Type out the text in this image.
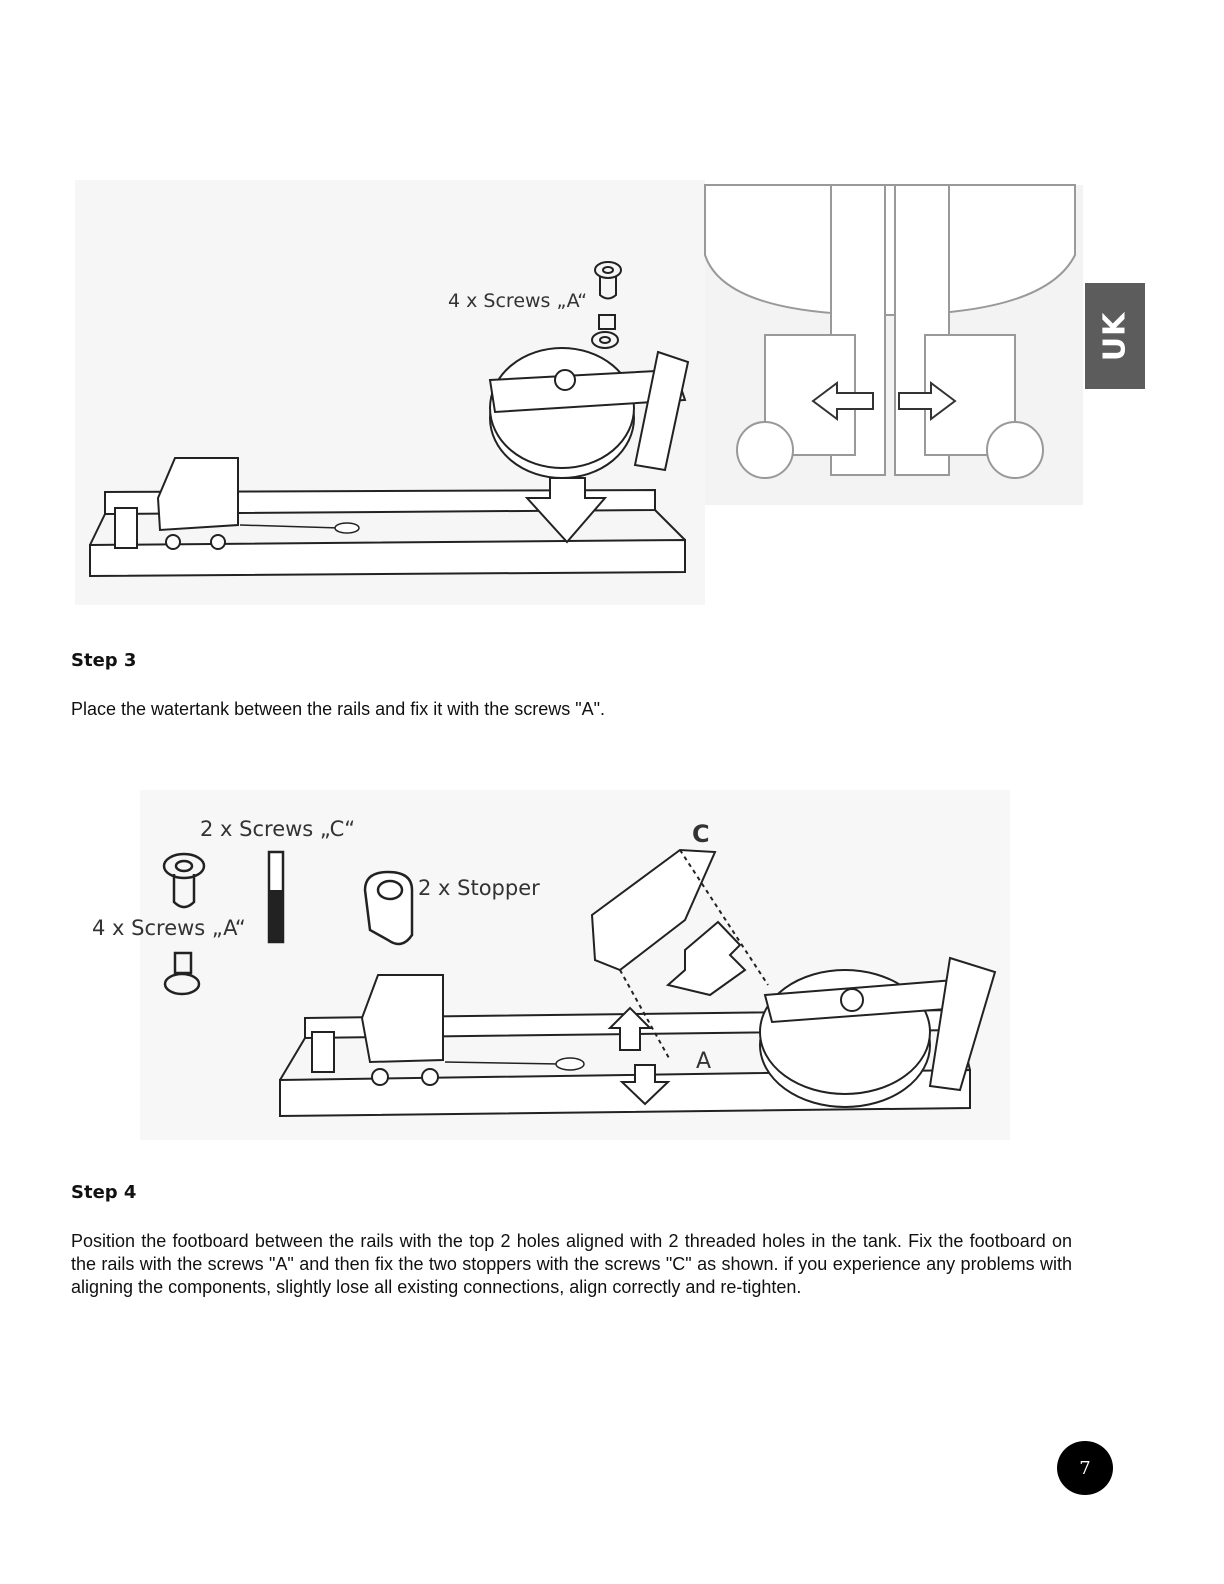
4 x Screws „A“
UK
Step 3
Place the watertank between the rails and fix it with the screws "A".
2 x Screws „C“
2 x Stopper
4 x Screws „A“
C
A
Step 4
Position the footboard between the rails with the top 2 holes aligned with 2 threaded holes in the tank. Fix the footboard on the rails with the screws "A" and then fix the two stoppers with the screws "C" as shown. if you experience any problems with aligning the components, slightly lose all existing connections, align correctly and re-tighten.
7
